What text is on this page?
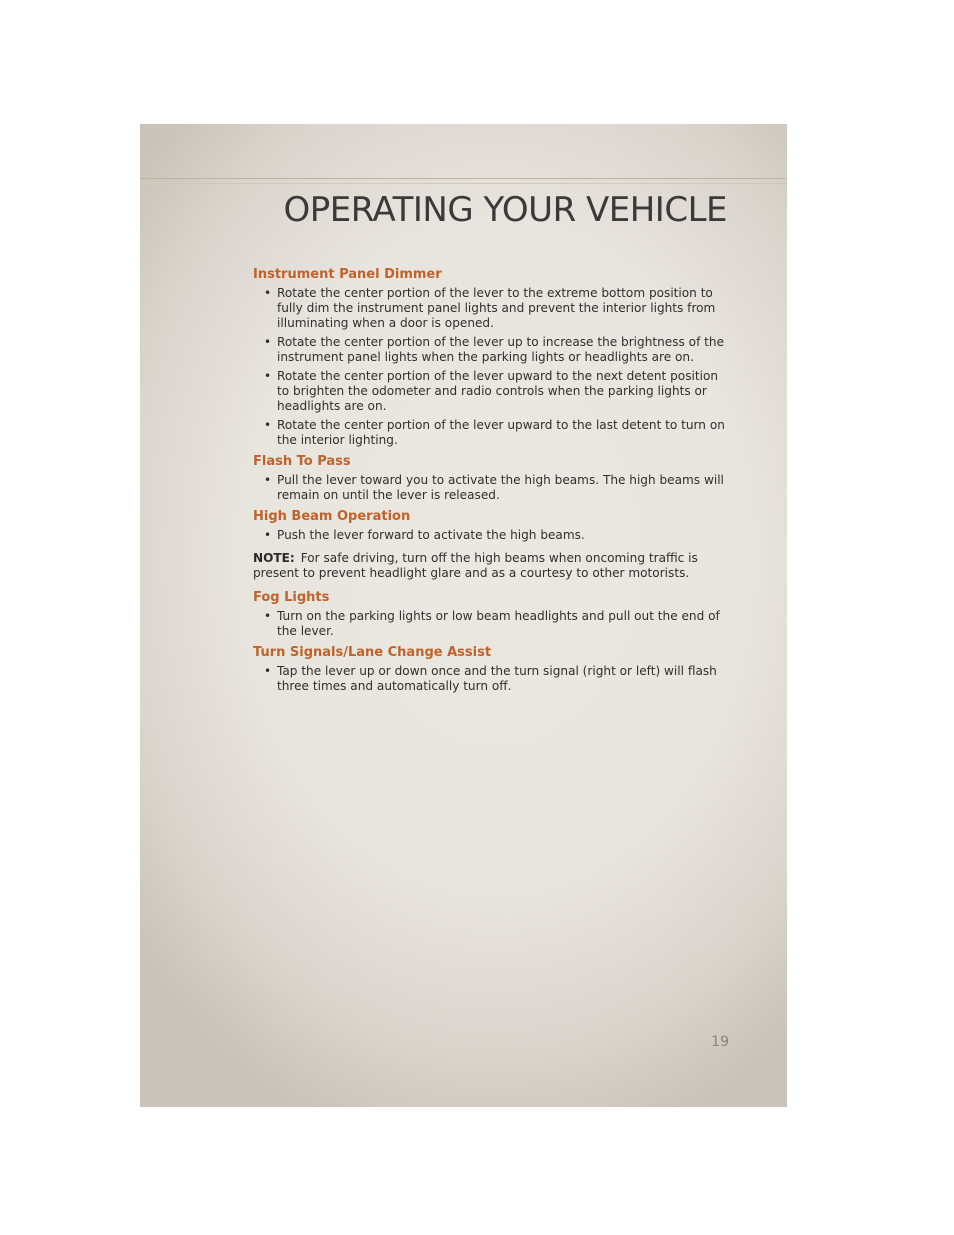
OPERATING YOUR VEHICLE
Instrument Panel Dimmer
• Rotate the center portion of the lever to the extreme bottom position to fully dim the instrument panel lights and prevent the interior lights from illuminating when a door is opened.
• Rotate the center portion of the lever up to increase the brightness of the instrument panel lights when the parking lights or headlights are on.
• Rotate the center portion of the lever upward to the next detent position to brighten the odometer and radio controls when the parking lights or headlights are on.
• Rotate the center portion of the lever upward to the last detent to turn on the interior lighting.
Flash To Pass
• Pull the lever toward you to activate the high beams. The high beams will remain on until the lever is released.
High Beam Operation
• Push the lever forward to activate the high beams.

NOTE: For safe driving, turn off the high beams when oncoming traffic is present to prevent headlight glare and as a courtesy to other motorists.

Fog Lights
• Turn on the parking lights or low beam headlights and pull out the end of the lever.
Turn Signals/Lane Change Assist
• Tap the lever up or down once and the turn signal (right or left) will flash three times and automatically turn off.
19
